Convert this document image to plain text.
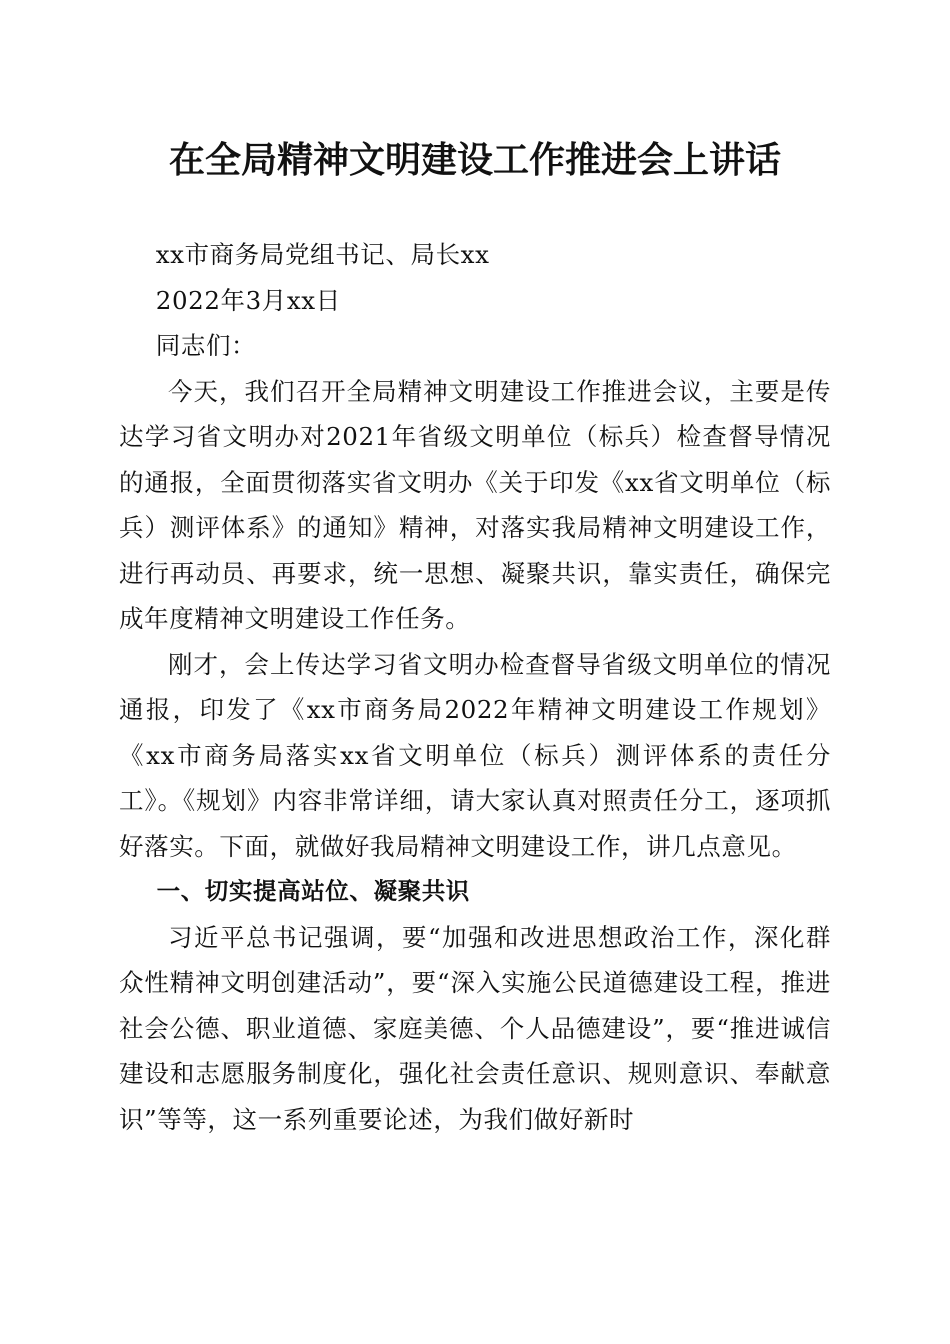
在全局精神文明建设工作推进会上讲话

xx市商务局党组书记、局长xx

2022年3月xx日

同志们：

今天，我们召开全局精神文明建设工作推进会议，主要是传达学习省文明办对2021年省级文明单位（标兵）检查督导情况的通报，全面贯彻落实省文明办《关于印发《xx省文明单位（标兵）测评体系》的通知》精神，对落实我局精神文明建设工作，进行再动员、再要求，统一思想、凝聚共识，靠实责任，确保完成年度精神文明建设工作任务。

刚才，会上传达学习省文明办检查督导省级文明单位的情况通报，印发了《xx市商务局2022年精神文明建设工作规划》《xx市商务局落实xx省文明单位（标兵）测评体系的责任分工》。《规划》内容非常详细，请大家认真对照责任分工，逐项抓好落实。下面，就做好我局精神文明建设工作，讲几点意见。

一、切实提高站位、凝聚共识

习近平总书记强调，要“加强和改进思想政治工作，深化群众性精神文明创建活动”，要“深入实施公民道德建设工程，推进社会公德、职业道德、家庭美德、个人品德建设”，要“推进诚信建设和志愿服务制度化，强化社会责任意识、规则意识、奉献意识”等等，这一系列重要论述，为我们做好新时
